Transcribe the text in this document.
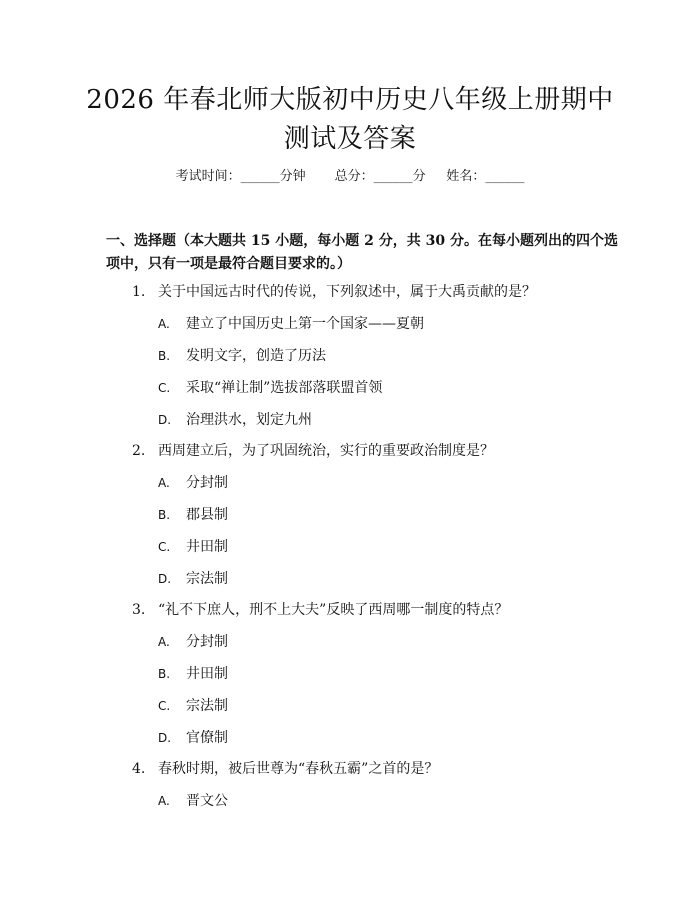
2026 年春北师大版初中历史八年级上册期中
测试及答案
考试时间：______分钟 总分：______分 姓名：______

一、选择题（本大题共 15 小题，每小题 2 分，共 30 分。在每小题列出的四个选项中，只有一项是最符合题目要求的。）

1. 关于中国远古时代的传说，下列叙述中，属于大禹贡献的是？
A. 建立了中国历史上第一个国家——夏朝
B. 发明文字，创造了历法
C. 采取“禅让制”选拔部落联盟首领
D. 治理洪水，划定九州
2. 西周建立后，为了巩固统治，实行的重要政治制度是？
A. 分封制
B. 郡县制
C. 井田制
D. 宗法制
3. “礼不下庶人，刑不上大夫”反映了西周哪一制度的特点？
A. 分封制
B. 井田制
C. 宗法制
D. 官僚制
4. 春秋时期，被后世尊为“春秋五霸”之首的是？
A. 晋文公
